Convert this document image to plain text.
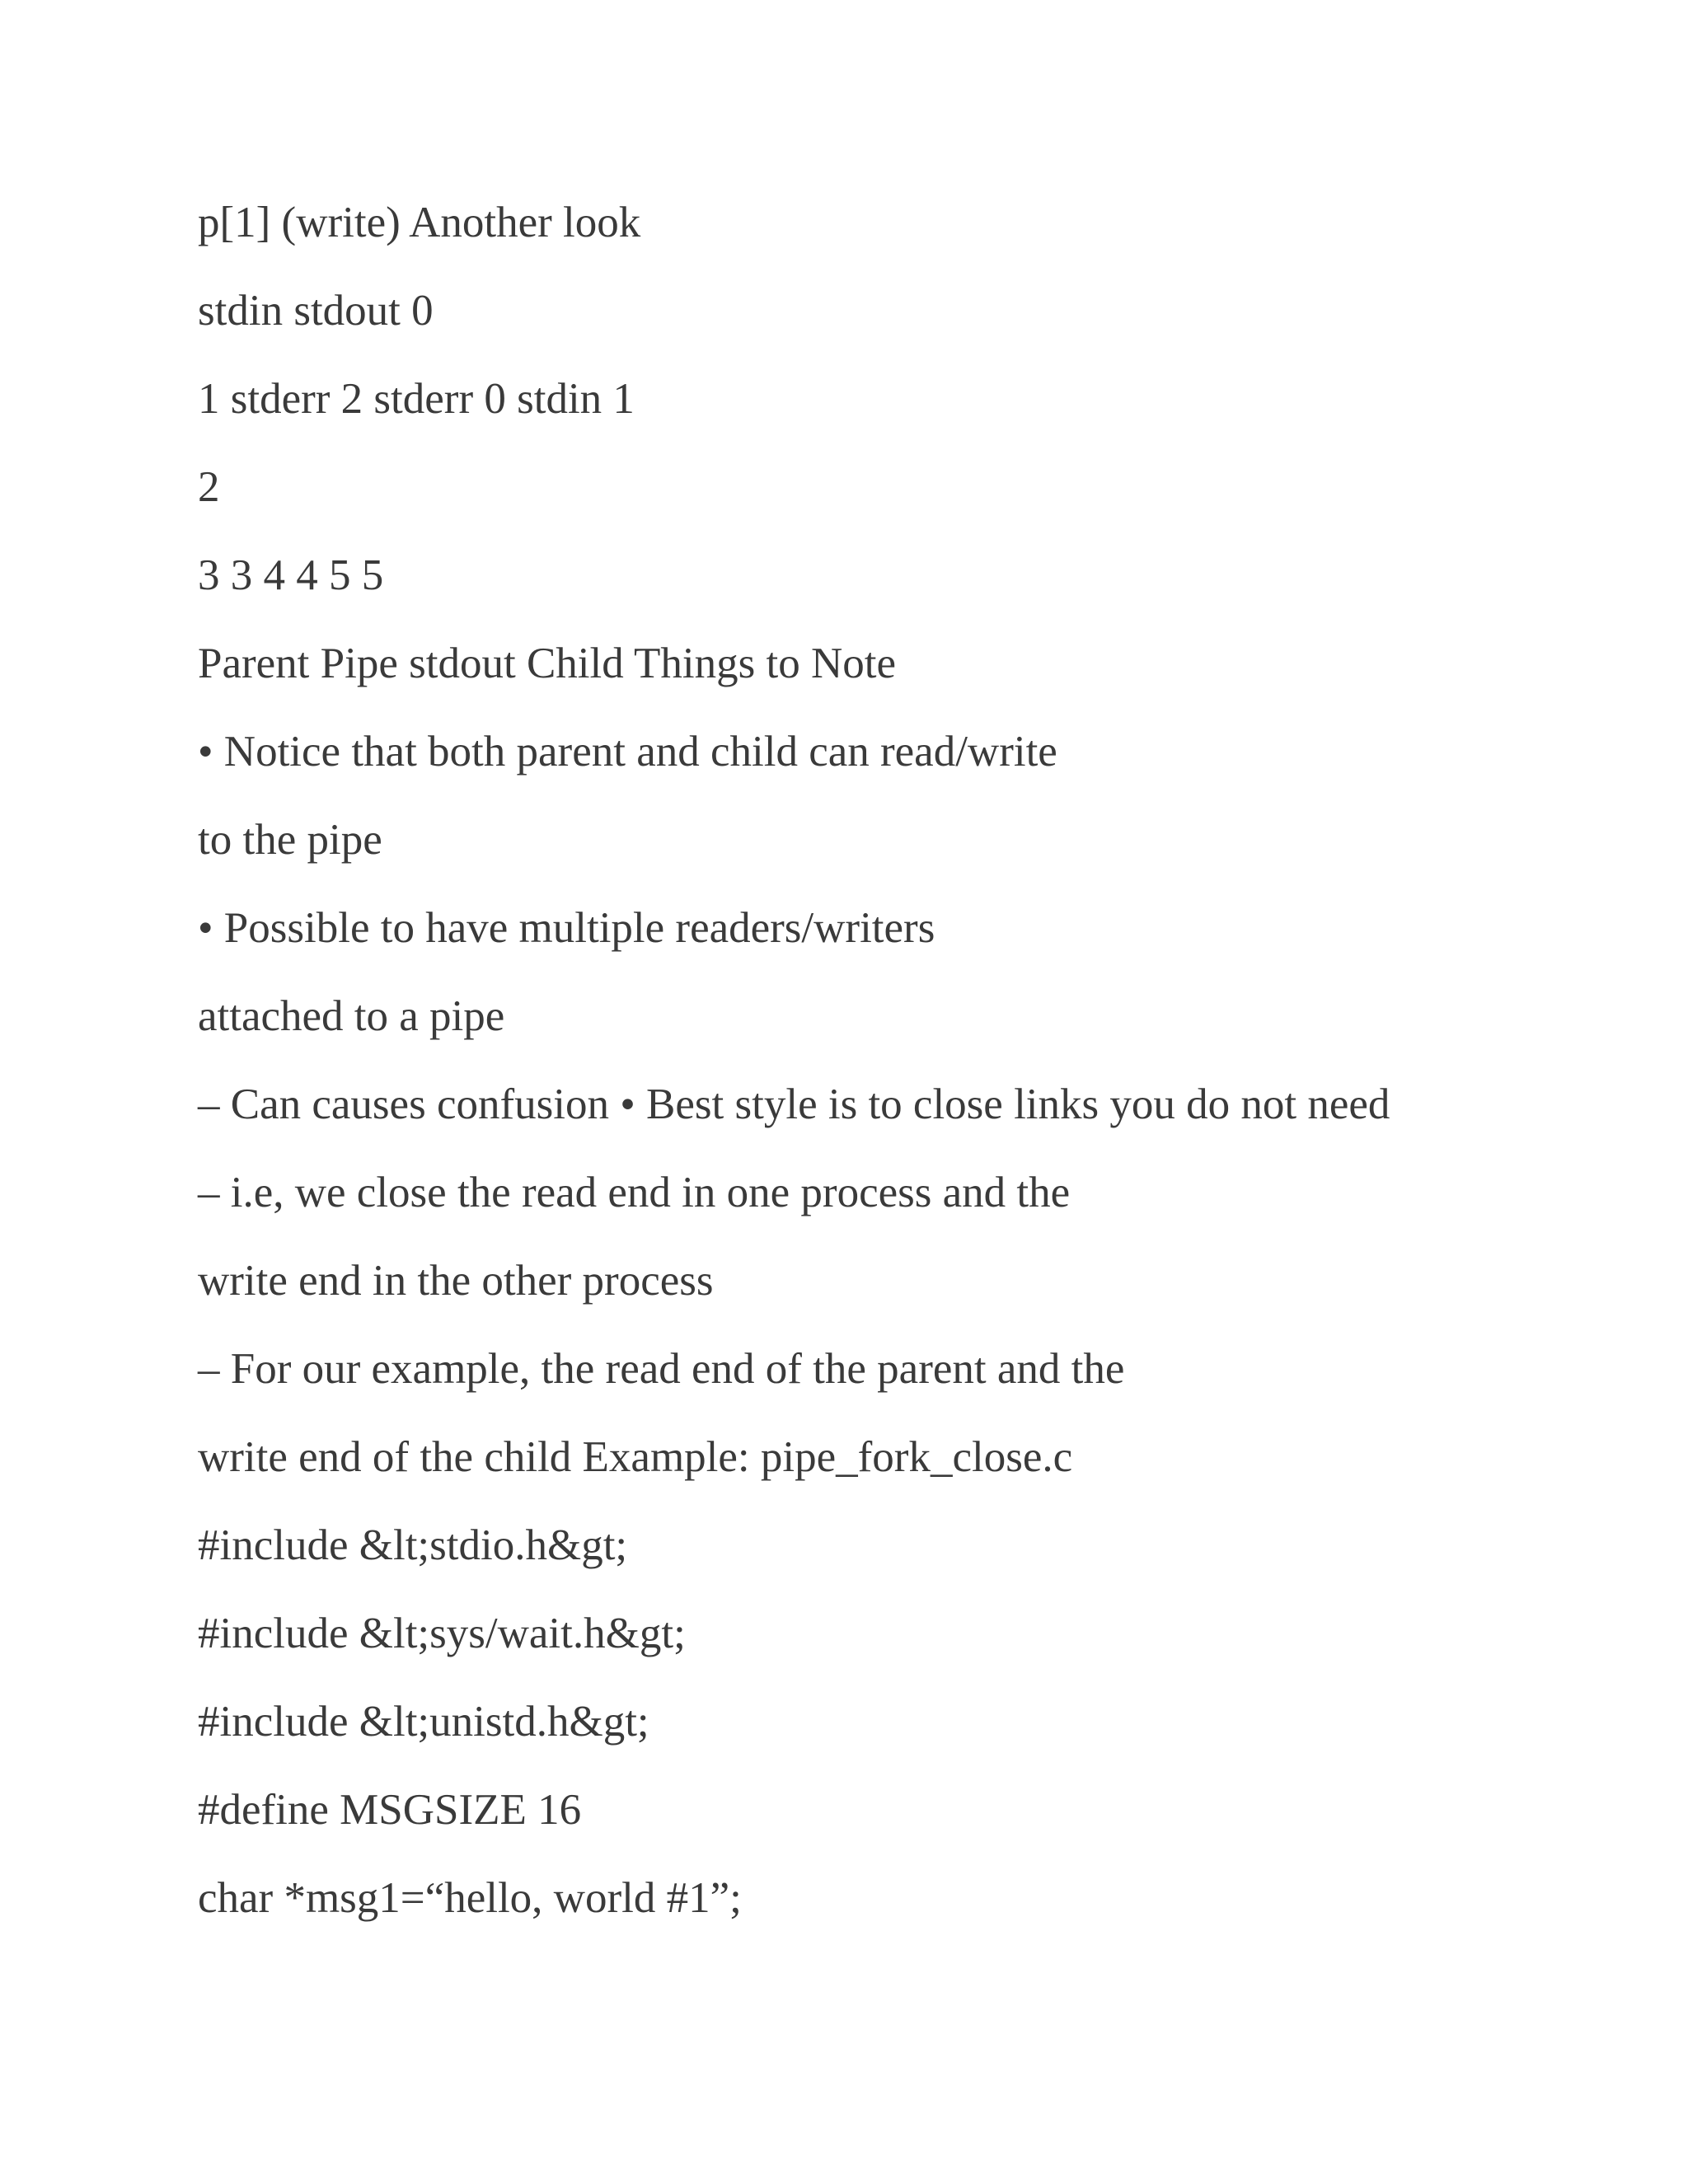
p[1] (write) Another look

stdin stdout 0

1 stderr 2 stderr 0 stdin 1

2

3 3 4 4 5 5

Parent Pipe stdout Child Things to Note

• Notice that both parent and child can read/write

to the pipe

• Possible to have multiple readers/writers

attached to a pipe

– Can causes confusion • Best style is to close links you do not need

– i.e, we close the read end in one process and the

write end in the other process

– For our example, the read end of the parent and the

write end of the child Example: pipe_fork_close.c

#include &lt;stdio.h&gt;

#include &lt;sys/wait.h&gt;

#include &lt;unistd.h&gt;

#define MSGSIZE 16

char *msg1=“hello, world #1”;
